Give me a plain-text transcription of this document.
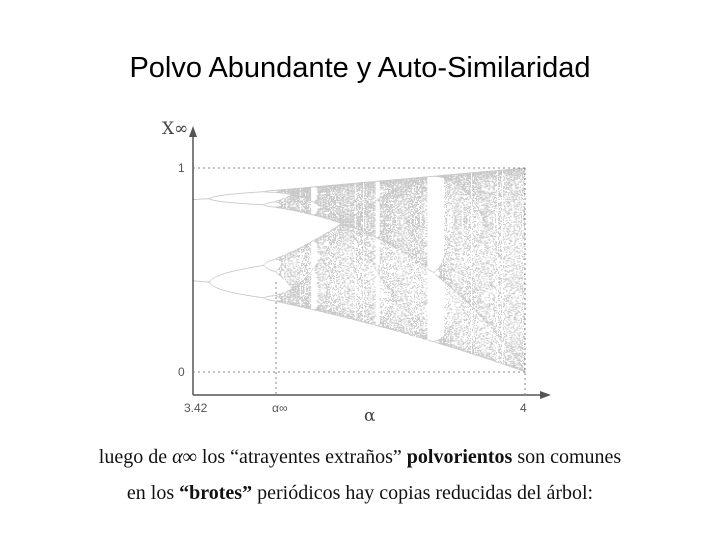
Polvo Abundante y Auto-Similaridad
X∞
1
0
3.42	α∞	4
α
luego de α∞ los “atrayentes extraños” polvorientos son comunes
en los “brotes” periódicos hay copias reducidas del árbol:
